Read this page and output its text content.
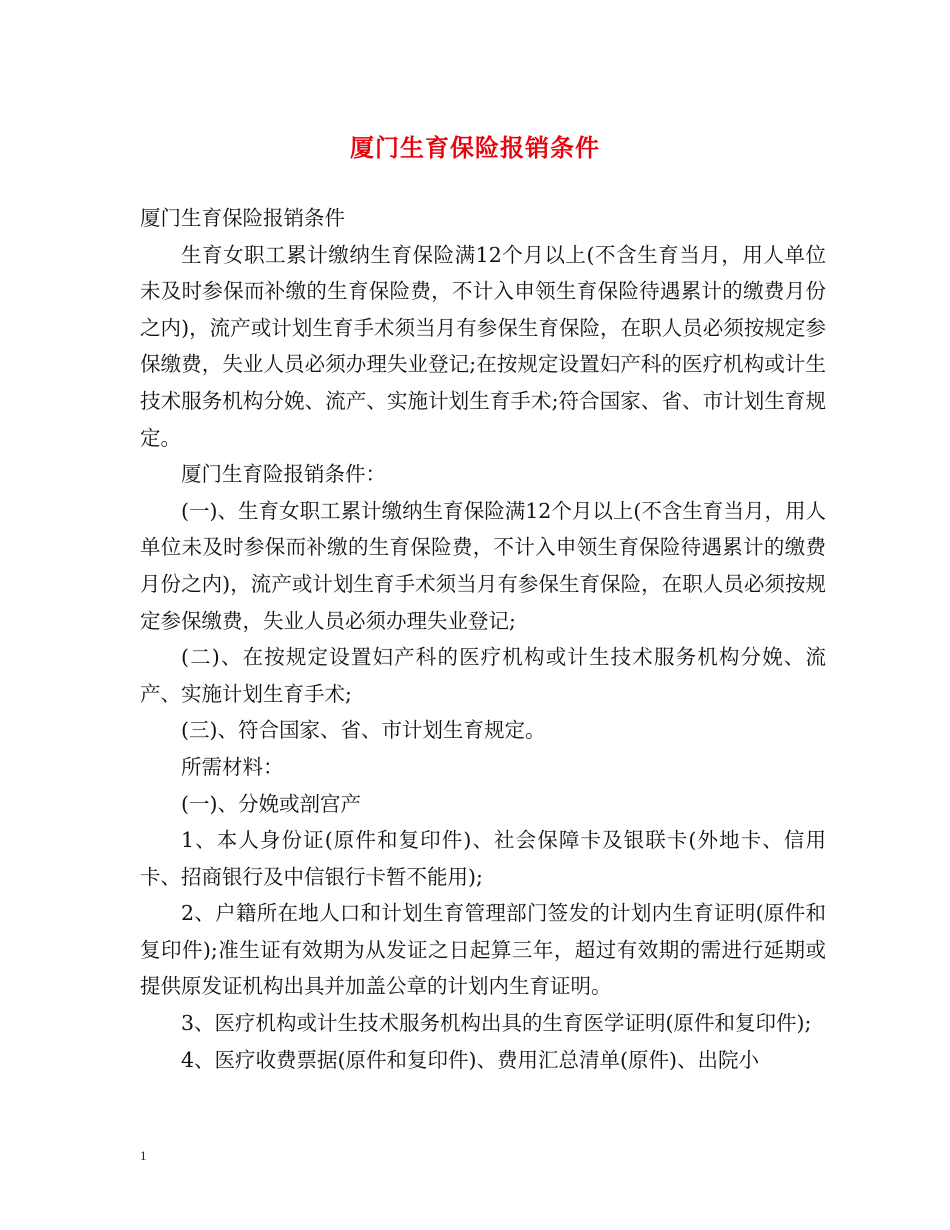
厦门生育保险报销条件

厦门生育保险报销条件

生育女职工累计缴纳生育保险满12个月以上(不含生育当月，用人单位未及时参保而补缴的生育保险费，不计入申领生育保险待遇累计的缴费月份之内)，流产或计划生育手术须当月有参保生育保险，在职人员必须按规定参保缴费，失业人员必须办理失业登记;在按规定设置妇产科的医疗机构或计生技术服务机构分娩、流产、实施计划生育手术;符合国家、省、市计划生育规定。

厦门生育险报销条件：

(一)、生育女职工累计缴纳生育保险满12个月以上(不含生育当月，用人单位未及时参保而补缴的生育保险费，不计入申领生育保险待遇累计的缴费月份之内)，流产或计划生育手术须当月有参保生育保险，在职人员必须按规定参保缴费，失业人员必须办理失业登记;

(二)、在按规定设置妇产科的医疗机构或计生技术服务机构分娩、流产、实施计划生育手术;

(三)、符合国家、省、市计划生育规定。

所需材料：

(一)、分娩或剖宫产

1、本人身份证(原件和复印件)、社会保障卡及银联卡(外地卡、信用卡、招商银行及中信银行卡暂不能用);

2、户籍所在地人口和计划生育管理部门签发的计划内生育证明(原件和复印件);准生证有效期为从发证之日起算三年，超过有效期的需进行延期或提供原发证机构出具并加盖公章的计划内生育证明。

3、医疗机构或计生技术服务机构出具的生育医学证明(原件和复印件);

4、医疗收费票据(原件和复印件)、费用汇总清单(原件)、出院小

1
